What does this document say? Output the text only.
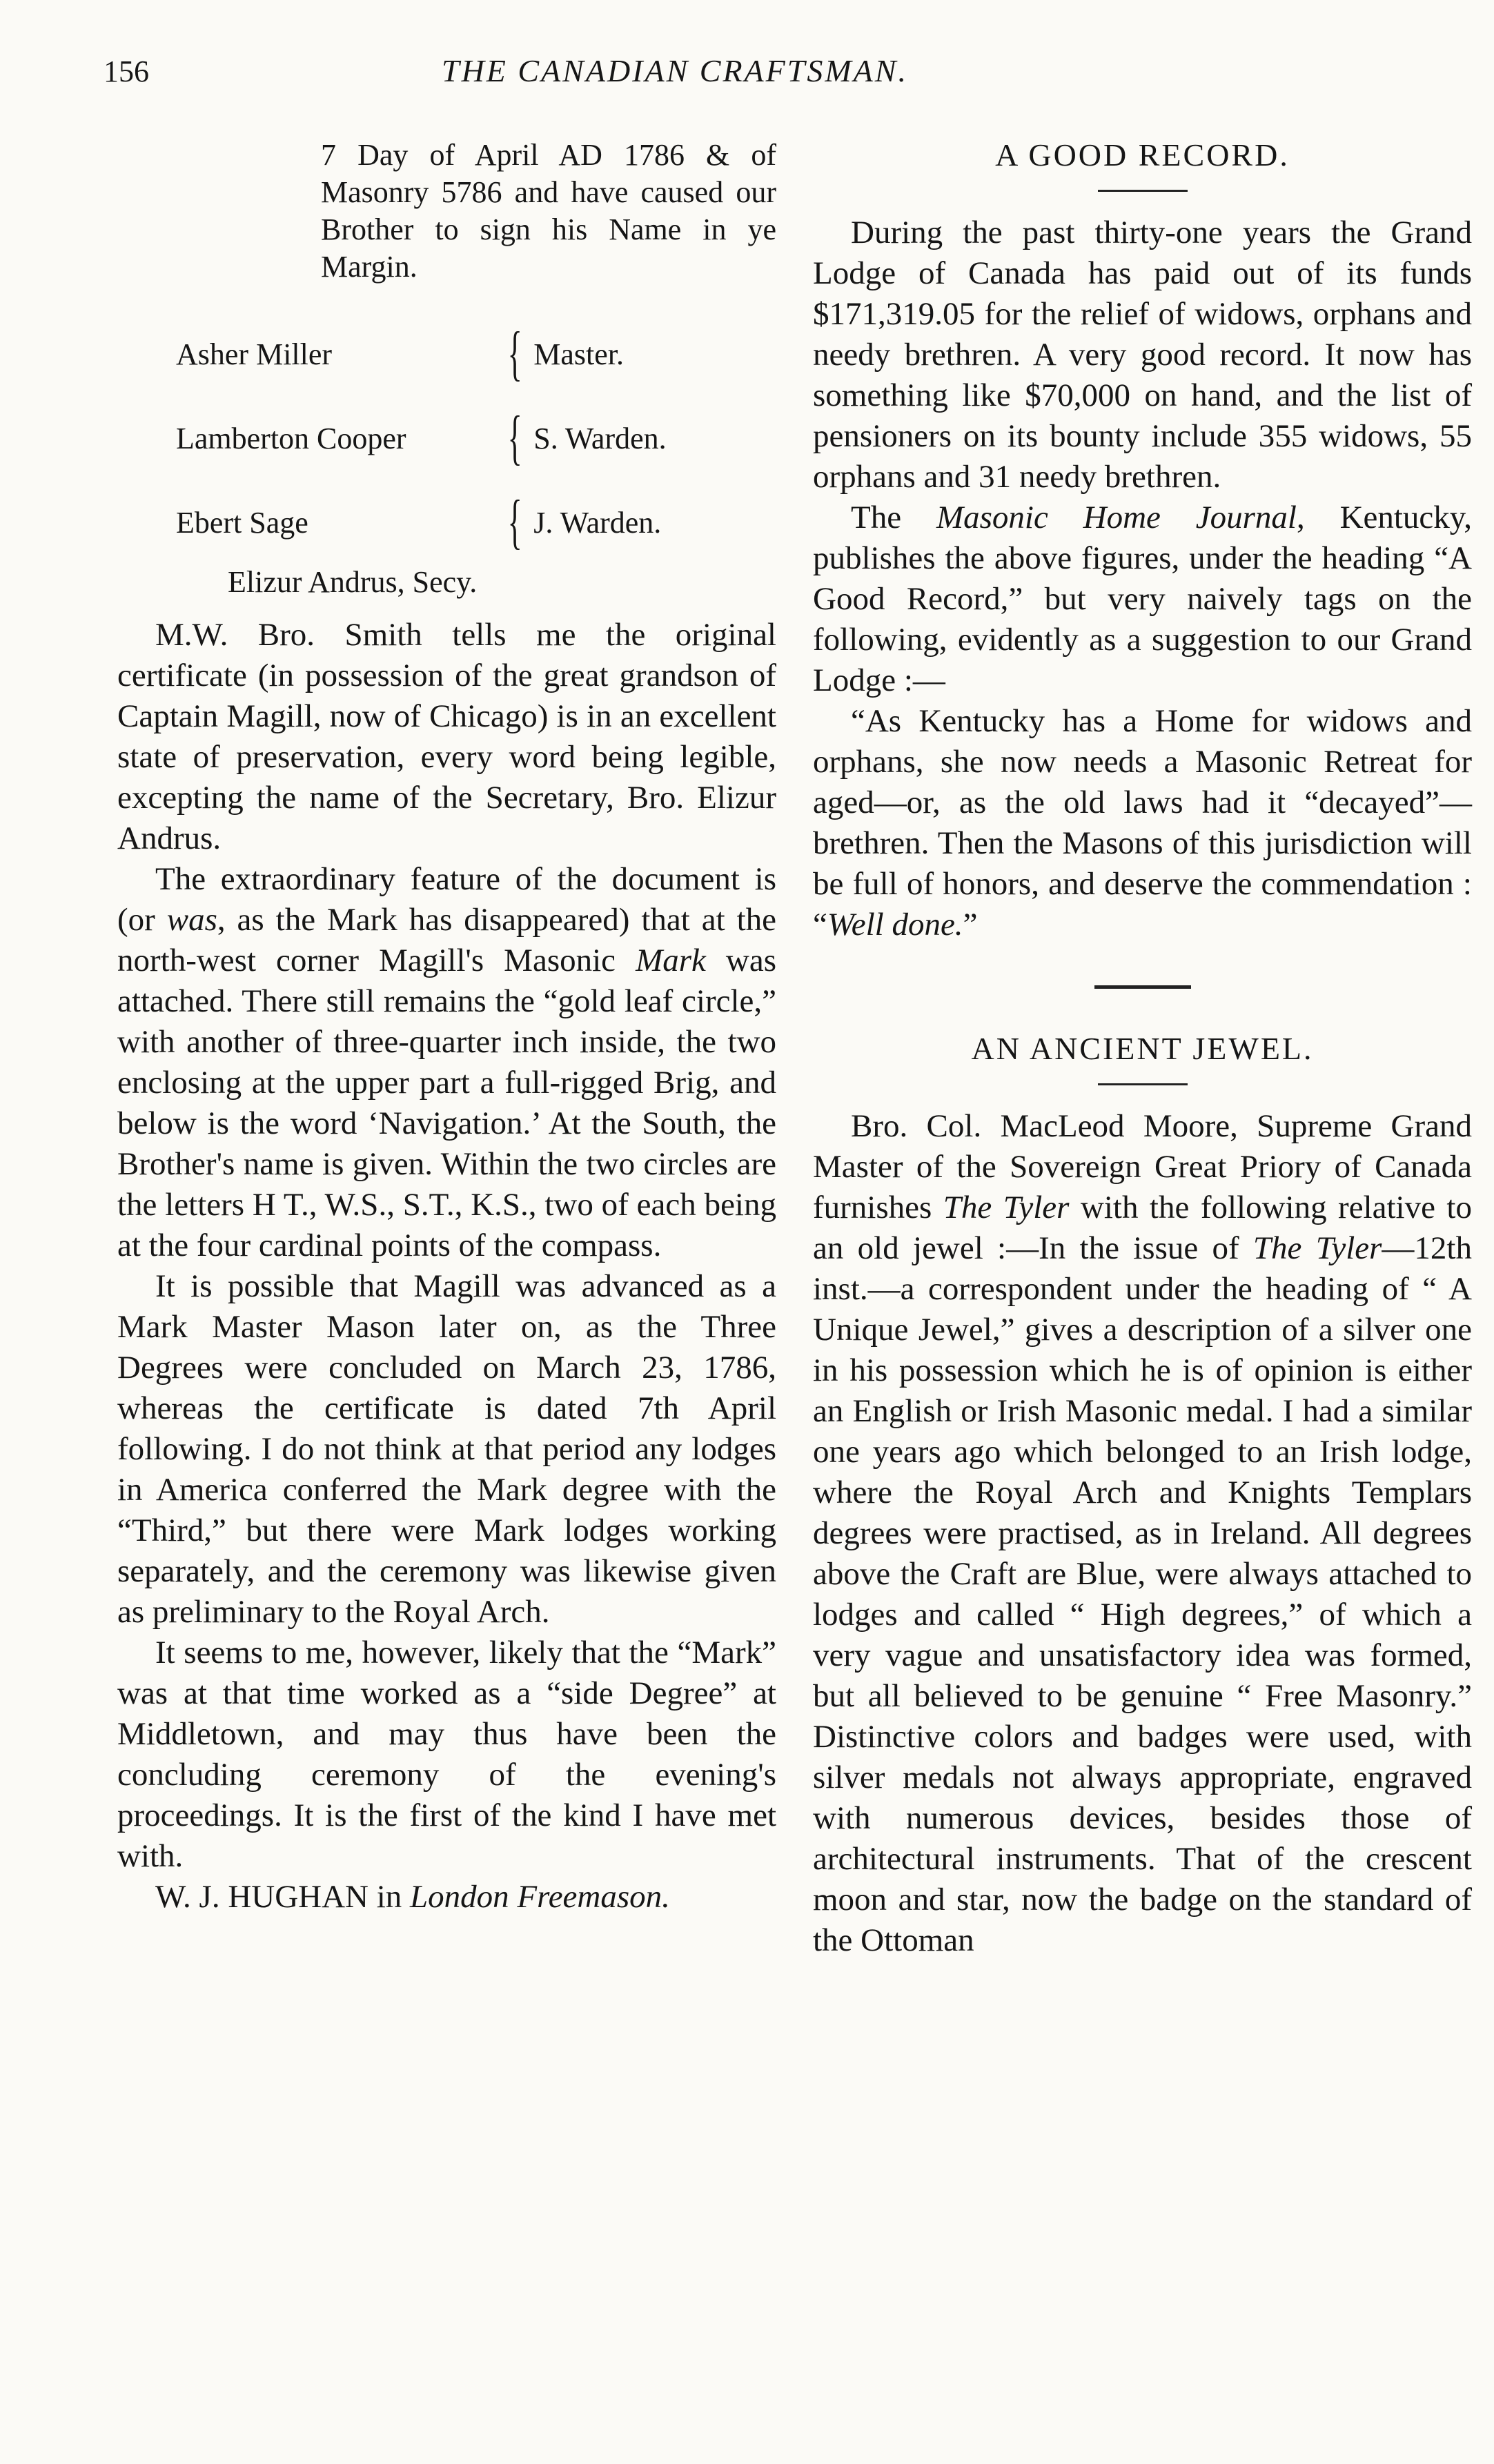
156	THE CANADIAN CRAFTSMAN.

7 Day of April AD 1786 & of Masonry 5786 and have caused our Brother to sign his Name in ye Margin.

Asher Miller	{ Master.
Lamberton Cooper	{ S. Warden.
Ebert Sage	{ J. Warden.
Elizur Andrus, Secy.

M.W. Bro. Smith tells me the original certificate (in possession of the great grandson of Captain Magill, now of Chicago) is in an excellent state of preservation, every word being legible, excepting the name of the Secretary, Bro. Elizur Andrus.

The extraordinary feature of the document is (or was, as the Mark has disappeared) that at the north-west corner Magill's Masonic Mark was attached. There still remains the “gold leaf circle,” with another of three-quarter inch inside, the two enclosing at the upper part a full-rigged Brig, and below is the word ‘Navigation.’ At the South, the Brother's name is given. Within the two circles are the letters H T., W.S., S.T., K.S., two of each being at the four cardinal points of the compass.

It is possible that Magill was advanced as a Mark Master Mason later on, as the Three Degrees were concluded on March 23, 1786, whereas the certificate is dated 7th April following. I do not think at that period any lodges in America conferred the Mark degree with the “Third,” but there were Mark lodges working separately, and the ceremony was likewise given as preliminary to the Royal Arch.

It seems to me, however, likely that the “Mark” was at that time worked as a “side Degree” at Middletown, and may thus have been the concluding ceremony of the evening's proceedings. It is the first of the kind I have met with.

W. J. HUGHAN in London Freemason.

A GOOD RECORD.

During the past thirty-one years the Grand Lodge of Canada has paid out of its funds $171,319.05 for the relief of widows, orphans and needy brethren. A very good record. It now has something like $70,000 on hand, and the list of pensioners on its bounty include 355 widows, 55 orphans and 31 needy brethren.

The Masonic Home Journal, Kentucky, publishes the above figures, under the heading “A Good Record,” but very naively tags on the following, evidently as a suggestion to our Grand Lodge :—

“As Kentucky has a Home for widows and orphans, she now needs a Masonic Retreat for aged—or, as the old laws had it “decayed”—brethren. Then the Masons of this jurisdiction will be full of honors, and deserve the commendation : “Well done.”

AN ANCIENT JEWEL.

Bro. Col. MacLeod Moore, Supreme Grand Master of the Sovereign Great Priory of Canada furnishes The Tyler with the following relative to an old jewel :—In the issue of The Tyler—12th inst.—a correspondent under the heading of “ A Unique Jewel,” gives a description of a silver one in his possession which he is of opinion is either an English or Irish Masonic medal. I had a similar one years ago which belonged to an Irish lodge, where the Royal Arch and Knights Templars degrees were practised, as in Ireland. All degrees above the Craft are Blue, were always attached to lodges and called “ High degrees,” of which a very vague and unsatisfactory idea was formed, but all believed to be genuine “ Free Masonry.” Distinctive colors and badges were used, with silver medals not always appropriate, engraved with numerous devices, besides those of architectural instruments. That of the crescent moon and star, now the badge on the standard of the Ottoman
